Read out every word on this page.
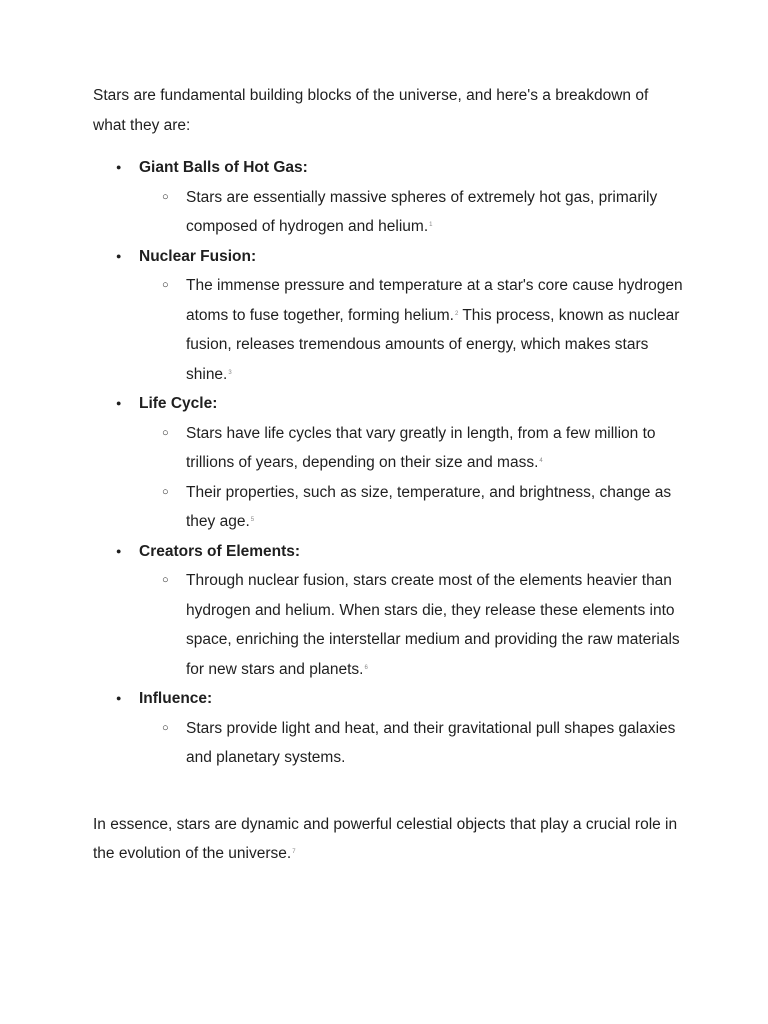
Stars are fundamental building blocks of the universe, and here's a breakdown of what they are:

● Giant Balls of Hot Gas:
○ Stars are essentially massive spheres of extremely hot gas, primarily composed of hydrogen and helium.$^1$
● Nuclear Fusion:
○ The immense pressure and temperature at a star's core cause hydrogen atoms to fuse together, forming helium.$^2$ This process, known as nuclear fusion, releases tremendous amounts of energy, which makes stars shine.$^3$
● Life Cycle:
○ Stars have life cycles that vary greatly in length, from a few million to trillions of years, depending on their size and mass.$^4$
○ Their properties, such as size, temperature, and brightness, change as they age.$^5$
● Creators of Elements:
○ Through nuclear fusion, stars create most of the elements heavier than hydrogen and helium. When stars die, they release these elements into space, enriching the interstellar medium and providing the raw materials for new stars and planets.$^6$
● Influence:
○ Stars provide light and heat, and their gravitational pull shapes galaxies and planetary systems.

In essence, stars are dynamic and powerful celestial objects that play a crucial role in the evolution of the universe.$^7$
